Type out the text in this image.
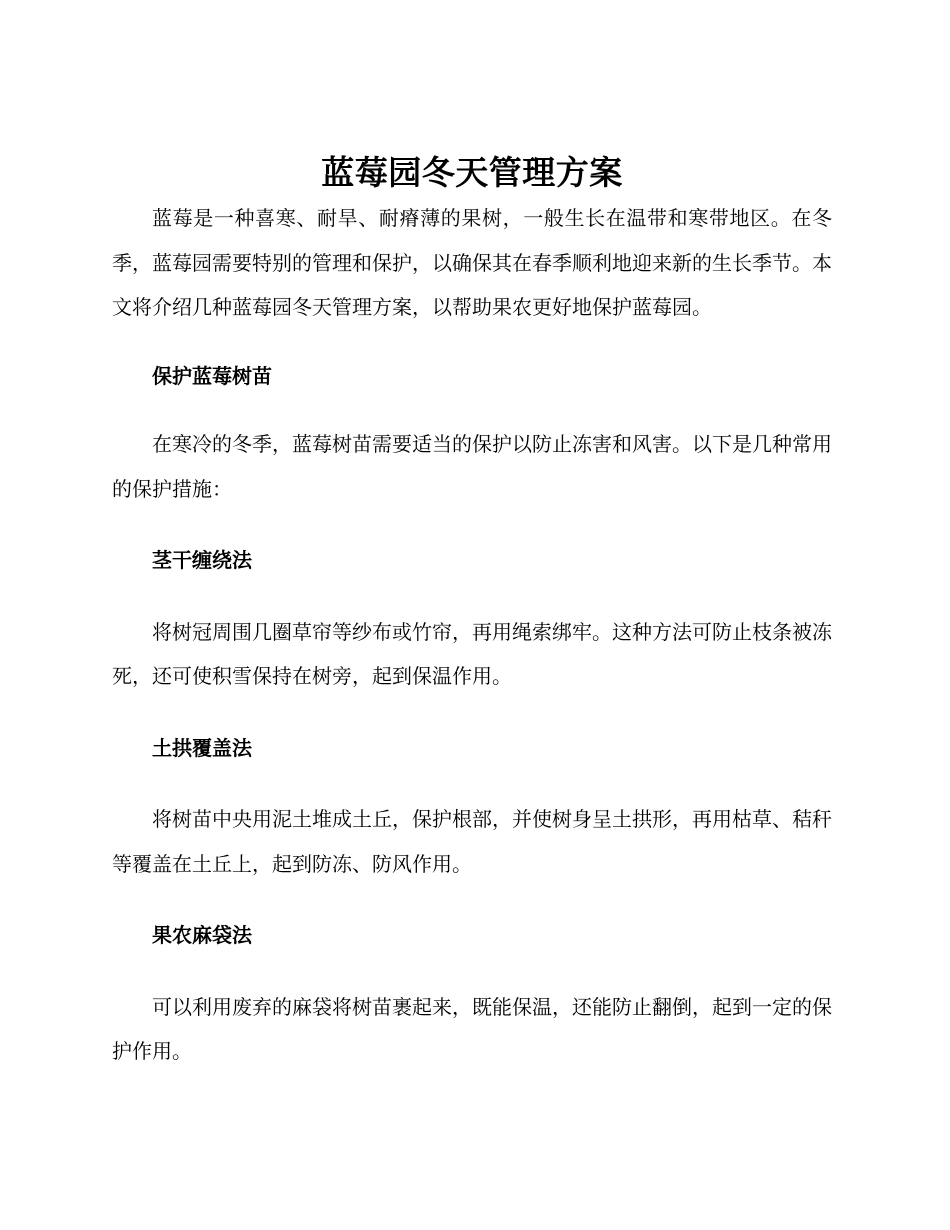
蓝莓园冬天管理方案

蓝莓是一种喜寒、耐旱、耐瘠薄的果树，一般生长在温带和寒带地区。在冬季，蓝莓园需要特别的管理和保护，以确保其在春季顺利地迎来新的生长季节。本文将介绍几种蓝莓园冬天管理方案，以帮助果农更好地保护蓝莓园。

保护蓝莓树苗

在寒冷的冬季，蓝莓树苗需要适当的保护以防止冻害和风害。以下是几种常用的保护措施：

茎干缠绕法

将树冠周围几圈草帘等纱布或竹帘，再用绳索绑牢。这种方法可防止枝条被冻死，还可使积雪保持在树旁，起到保温作用。

土拱覆盖法

将树苗中央用泥土堆成土丘，保护根部，并使树身呈土拱形，再用枯草、秸秆等覆盖在土丘上，起到防冻、防风作用。

果农麻袋法

可以利用废弃的麻袋将树苗裹起来，既能保温，还能防止翻倒，起到一定的保护作用。
